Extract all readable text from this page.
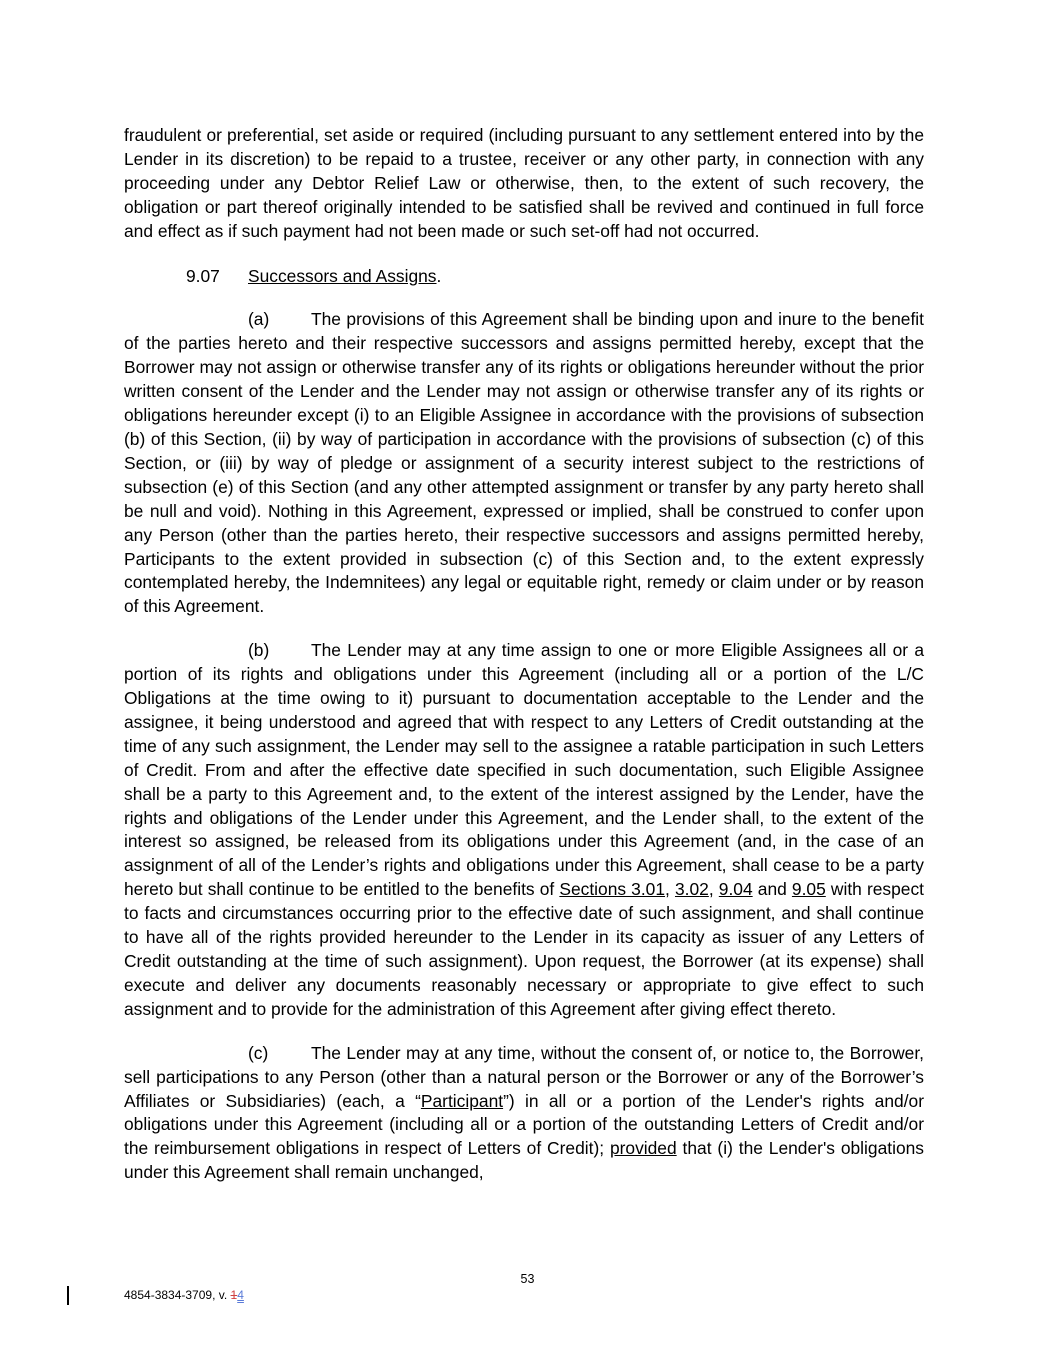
fraudulent or preferential, set aside or required (including pursuant to any settlement entered into by the Lender in its discretion) to be repaid to a trustee, receiver or any other party, in connection with any proceeding under any Debtor Relief Law or otherwise, then, to the extent of such recovery, the obligation or part thereof originally intended to be satisfied shall be revived and continued in full force and effect as if such payment had not been made or such set-off had not occurred.

9.07 Successors and Assigns.

(a) The provisions of this Agreement shall be binding upon and inure to the benefit of the parties hereto and their respective successors and assigns permitted hereby, except that the Borrower may not assign or otherwise transfer any of its rights or obligations hereunder without the prior written consent of the Lender and the Lender may not assign or otherwise transfer any of its rights or obligations hereunder except (i) to an Eligible Assignee in accordance with the provisions of subsection (b) of this Section, (ii) by way of participation in accordance with the provisions of subsection (c) of this Section, or (iii) by way of pledge or assignment of a security interest subject to the restrictions of subsection (e) of this Section (and any other attempted assignment or transfer by any party hereto shall be null and void). Nothing in this Agreement, expressed or implied, shall be construed to confer upon any Person (other than the parties hereto, their respective successors and assigns permitted hereby, Participants to the extent provided in subsection (c) of this Section and, to the extent expressly contemplated hereby, the Indemnitees) any legal or equitable right, remedy or claim under or by reason of this Agreement.

(b) The Lender may at any time assign to one or more Eligible Assignees all or a portion of its rights and obligations under this Agreement (including all or a portion of the L/C Obligations at the time owing to it) pursuant to documentation acceptable to the Lender and the assignee, it being understood and agreed that with respect to any Letters of Credit outstanding at the time of any such assignment, the Lender may sell to the assignee a ratable participation in such Letters of Credit. From and after the effective date specified in such documentation, such Eligible Assignee shall be a party to this Agreement and, to the extent of the interest assigned by the Lender, have the rights and obligations of the Lender under this Agreement, and the Lender shall, to the extent of the interest so assigned, be released from its obligations under this Agreement (and, in the case of an assignment of all of the Lender’s rights and obligations under this Agreement, shall cease to be a party hereto but shall continue to be entitled to the benefits of Sections 3.01, 3.02, 9.04 and 9.05 with respect to facts and circumstances occurring prior to the effective date of such assignment, and shall continue to have all of the rights provided hereunder to the Lender in its capacity as issuer of any Letters of Credit outstanding at the time of such assignment). Upon request, the Borrower (at its expense) shall execute and deliver any documents reasonably necessary or appropriate to give effect to such assignment and to provide for the administration of this Agreement after giving effect thereto.

(c) The Lender may at any time, without the consent of, or notice to, the Borrower, sell participations to any Person (other than a natural person or the Borrower or any of the Borrower’s Affiliates or Subsidiaries) (each, a “Participant”) in all or a portion of the Lender's rights and/or obligations under this Agreement (including all or a portion of the outstanding Letters of Credit and/or the reimbursement obligations in respect of Letters of Credit); provided that (i) the Lender's obligations under this Agreement shall remain unchanged,

53
4854-3834-3709, v. 14
